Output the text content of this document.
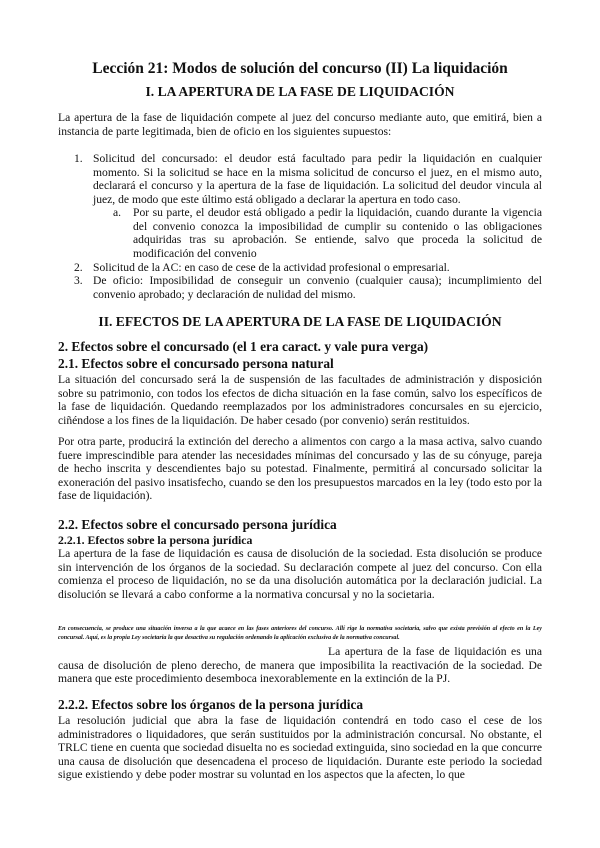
Lección 21: Modos de solución del concurso (II) La liquidación
I. LA APERTURA DE LA FASE DE LIQUIDACIÓN
La apertura de la fase de liquidación compete al juez del concurso mediante auto, que emitirá, bien a instancia de parte legitimada, bien de oficio en los siguientes supuestos:
1. Solicitud del concursado: el deudor está facultado para pedir la liquidación en cualquier momento. Si la solicitud se hace en la misma solicitud de concurso el juez, en el mismo auto, declarará el concurso y la apertura de la fase de liquidación. La solicitud del deudor vincula al juez, de modo que este último está obligado a declarar la apertura en todo caso.
a. Por su parte, el deudor está obligado a pedir la liquidación, cuando durante la vigencia del convenio conozca la imposibilidad de cumplir su contenido o las obligaciones adquiridas tras su aprobación. Se entiende, salvo que proceda la solicitud de modificación del convenio
2. Solicitud de la AC: en caso de cese de la actividad profesional o empresarial.
3. De oficio: Imposibilidad de conseguir un convenio (cualquier causa); incumplimiento del convenio aprobado; y declaración de nulidad del mismo.
II. EFECTOS DE LA APERTURA DE LA FASE DE LIQUIDACIÓN
2. Efectos sobre el concursado (el 1 era caract. y vale pura verga)
2.1. Efectos sobre el concursado persona natural
La situación del concursado será la de suspensión de las facultades de administración y disposición sobre su patrimonio, con todos los efectos de dicha situación en la fase común, salvo los específicos de la fase de liquidación. Quedando reemplazados por los administradores concursales en su ejercicio, ciñéndose a los fines de la liquidación. De haber cesado (por convenio) serán restituidos.
Por otra parte, producirá la extinción del derecho a alimentos con cargo a la masa activa, salvo cuando fuere imprescindible para atender las necesidades mínimas del concursado y las de su cónyuge, pareja de hecho inscrita y descendientes bajo su potestad. Finalmente, permitirá al concursado solicitar la exoneración del pasivo insatisfecho, cuando se den los presupuestos marcados en la ley (todo esto por la fase de liquidación).
2.2. Efectos sobre el concursado persona jurídica
2.2.1. Efectos sobre la persona jurídica
La apertura de la fase de liquidación es causa de disolución de la sociedad. Esta disolución se produce sin intervención de los órganos de la sociedad. Su declaración compete al juez del concurso. Con ella comienza el proceso de liquidación, no se da una disolución automática por la declaración judicial. La disolución se llevará a cabo conforme a la normativa concursal y no la societaria.
En consecuencia, se produce una situación inversa a la que acaece en las fases anteriores del concurso. Allí rige la normativa societaria, salvo que exista previsión al efecto en la Ley concursal. Aquí, es la propia Ley societaria la que desactiva su regulación ordenando la aplicación exclusiva de la normativa concursal.
La apertura de la fase de liquidación es una causa de disolución de pleno derecho, de manera que imposibilita la reactivación de la sociedad. De manera que este procedimiento desemboca inexorablemente en la extinción de la PJ.
2.2.2. Efectos sobre los órganos de la persona jurídica
La resolución judicial que abra la fase de liquidación contendrá en todo caso el cese de los administradores o liquidadores, que serán sustituidos por la administración concursal. No obstante, el TRLC tiene en cuenta que sociedad disuelta no es sociedad extinguida, sino sociedad en la que concurre una causa de disolución que desencadena el proceso de liquidación. Durante este periodo la sociedad sigue existiendo y debe poder mostrar su voluntad en los aspectos que la afecten, lo que
